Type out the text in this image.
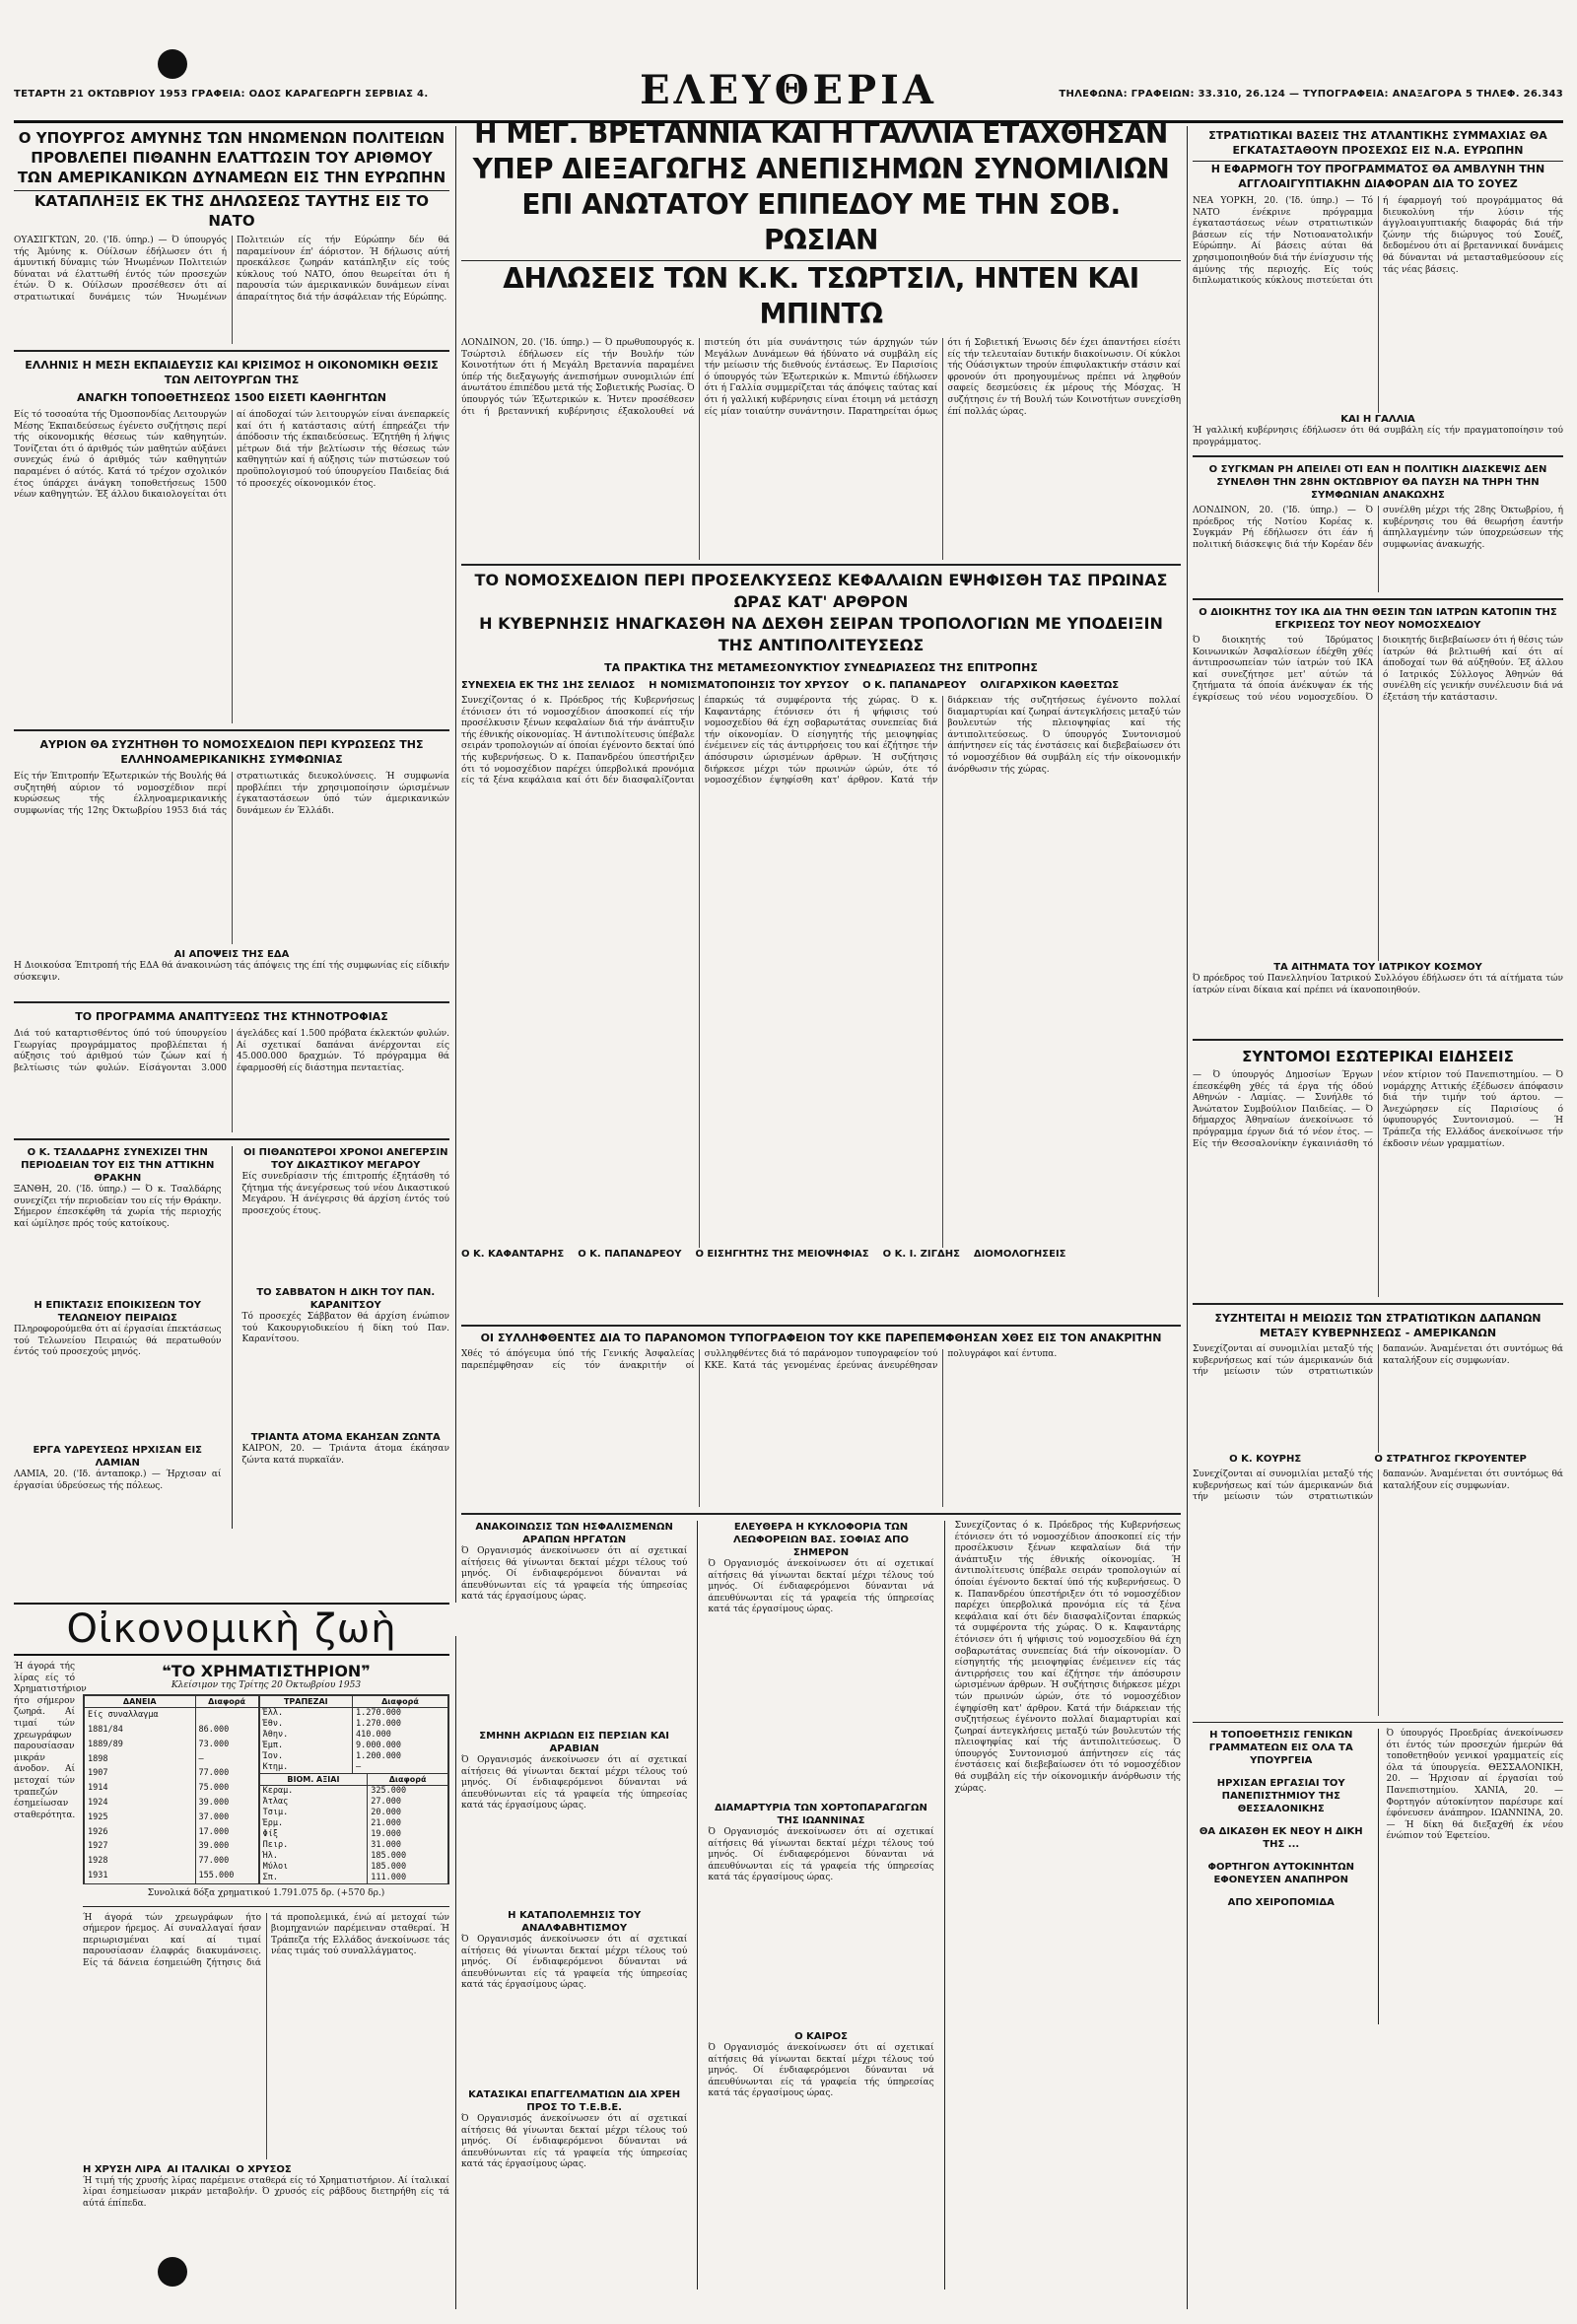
ΤΕΤΑΡΤΗ 21 ΟΚΤΩΒΡΙΟΥ 1953 ΓΡΑΦΕΙΑ: ΟΔΟΣ ΚΑΡΑΓΕΩΡΓΗ ΣΕΡΒΙΑΣ 4.	ΕΛΕΥΘΕΡΙΑ	ΤΗΛΕΦΩΝΑ: ΓΡΑΦΕΙΩΝ: 33.310, 26.124 — ΤΥΠΟΓΡΑΦΕΙΑ: ΑΝΑΞΑΓΟΡΑ 5 ΤΗΛΕΦ. 26.343
Ο ΥΠΟΥΡΓΟΣ ΑΜΥΝΗΣ ΤΩΝ ΗΝΩΜΕΝΩΝ ΠΟΛΙΤΕΙΩΝ ΠΡΟΒΛΕΠΕΙ ΠΙΘΑΝΗΝ ΕΛΑΤΤΩΣΙΝ ΤΟΥ ΑΡΙΘΜΟΥ ΤΩΝ ΑΜΕΡΙΚΑΝΙΚΩΝ ΔΥΝΑΜΕΩΝ ΕΙΣ ΤΗΝ ΕΥΡΩΠΗΝ
ΚΑΤΑΠΛΗΞΙΣ ΕΚ ΤΗΣ ΔΗΛΩΣΕΩΣ ΤΑΥΤΗΣ ΕΙΣ ΤΟ ΝΑΤΟ
ΟΥΑΣΙΓΚΤΩΝ, 20. ('Ιδ. ύπηρ.) — Ό ύπουργός τής Άμύνης κ. Ούίλσων έδήλωσεν ότι ή άμυντική δύναμις τών Ήνωμένων Πολιτειών δύναται νά έλαττωθή έντός τών προσεχών έτών. Ό κ. Ούίλσων προσέθεσεν ότι αί στρατιωτικαί δυνάμεις τών Ήνωμένων Πολιτειών είς τήν Εύρώπην δέν θά παραμείνουν έπ' άόριστον. Ή δήλωσις αύτή προεκάλεσε ζωηράν κατάπληξιν είς τούς κύκλους τού ΝΑΤΟ, όπου θεωρείται ότι ή παρουσία τών άμερικανικών δυνάμεων είναι άπαραίτητος διά τήν άσφάλειαν τής Εύρώπης.
ΕΛΛΗΝΙΣ Η ΜΕΣΗ ΕΚΠΑΙΔΕΥΣΙΣ ΚΑΙ ΚΡΙΣΙΜΟΣ Η ΟΙΚΟΝΟΜΙΚΗ ΘΕΣΙΣ ΤΩΝ ΛΕΙΤΟΥΡΓΩΝ ΤΗΣ
ΑΝΑΓΚΗ ΤΟΠΟΘΕΤΗΣΕΩΣ 1500 ΕΙΣΕΤΙ ΚΑΘΗΓΗΤΩΝ
Είς τό τοσοαύτα τής Όμοσπονδίας Λειτουργών Μέσης Έκπαιδεύσεως έγένετο συζήτησις περί τής οίκονομικής θέσεως τών καθηγητών. Τονίζεται ότι ό άριθμός τών μαθητών αύξάνει συνεχώς ένώ ό άριθμός τών καθηγητών παραμένει ό αύτός. Κατά τό τρέχον σχολικόν έτος ύπάρχει άνάγκη τοποθετήσεως 1500 νέων καθηγητών. Έξ άλλου δικαιολογείται ότι αί άποδοχαί τών λειτουργών είναι άνεπαρκείς καί ότι ή κατάστασις αύτή έπηρεάζει τήν άπόδοσιν τής έκπαιδεύσεως. Έζητήθη ή λήψις μέτρων διά τήν βελτίωσιν τής θέσεως τών καθηγητών καί ή αύξησις τών πιστώσεων τού προϋπολογισμού τού ύπουργείου Παιδείας διά τό προσεχές οίκονομικόν έτος.
ΑΥΡΙΟΝ ΘΑ ΣΥΖΗΤΗΘΗ ΤΟ ΝΟΜΟΣΧΕΔΙΟΝ ΠΕΡΙ ΚΥΡΩΣΕΩΣ ΤΗΣ ΕΛΛΗΝΟΑΜΕΡΙΚΑΝΙΚΗΣ ΣΥΜΦΩΝΙΑΣ
Είς τήν Έπιτροπήν Έξωτερικών τής Βουλής θά συζητηθή αύριον τό νομοσχέδιον περί κυρώσεως τής έλληνοαμερικανικής συμφωνίας τής 12ης Όκτωβρίου 1953 διά τάς στρατιωτικάς διευκολύνσεις. Ή συμφωνία προβλέπει τήν χρησιμοποίησιν ώρισμένων έγκαταστάσεων ύπό τών άμερικανικών δυνάμεων έν Έλλάδι.
ΑΙ ΑΠΟΨΕΙΣ ΤΗΣ ΕΔΑ
Η Διοικούσα Έπιτροπή τής ΕΔΑ θά άνακοινώση τάς άπόψεις της έπί τής συμφωνίας είς είδικήν σύσκεψιν.
ΤΟ ΠΡΟΓΡΑΜΜΑ ΑΝΑΠΤΥΞΕΩΣ ΤΗΣ ΚΤΗΝΟΤΡΟΦΙΑΣ
Διά τού καταρτισθέντος ύπό τού ύπουργείου Γεωργίας προγράμματος προβλέπεται ή αύξησις τού άριθμού τών ζώων καί ή βελτίωσις τών φυλών. Είσάγονται 3.000 άγελάδες καί 1.500 πρόβατα έκλεκτών φυλών. Αί σχετικαί δαπάναι άνέρχονται είς 45.000.000 δραχμών. Τό πρόγραμμα θά έφαρμοσθή είς διάστημα πενταετίας.
Ο Κ. ΤΣΑΛΔΑΡΗΣ ΣΥΝΕΧΙΖΕΙ ΤΗΝ ΠΕΡΙΟΔΕΙΑΝ ΤΟΥ ΕΙΣ ΤΗΝ ΑΤΤΙΚΗΝ ΘΡΑΚΗΝ
ΞΑΝΘΗ, 20. ('Ιδ. ύπηρ.) — Ό κ. Τσαλδάρης συνεχίζει τήν περιοδείαν του είς τήν Θράκην. Σήμερον έπεσκέφθη τά χωρία τής περιοχής καί ώμίλησε πρός τούς κατοίκους.
Η ΕΠΙΚΤΑΣΙΣ ΕΠΟΙΚΙΣΕΩΝ ΤΟΥ ΤΕΛΩΝΕΙΟΥ ΠΕΙΡΑΙΩΣ
Πληροφορούμεθα ότι αί έργασίαι έπεκτάσεως τού Τελωνείου Πειραιώς θά περατωθούν έντός τού προσεχούς μηνός.
ΕΡΓΑ ΥΔΡΕΥΣΕΩΣ ΗΡΧΙΣΑΝ ΕΙΣ ΛΑΜΙΑΝ
ΛΑΜΙΑ, 20. ('Ιδ. άνταποκρ.) — Ήρχισαν αί έργασίαι ύδρεύσεως τής πόλεως.
ΟΙ ΠΙΘΑΝΩΤΕΡΟΙ ΧΡΟΝΟΙ ΑΝΕΓΕΡΣΙΝ ΤΟΥ ΔΙΚΑΣΤΙΚΟΥ ΜΕΓΑΡΟΥ
Είς συνεδρίασιν τής έπιτροπής έξητάσθη τό ζήτημα τής άνεγέρσεως τού νέου Δικαστικού Μεγάρου. Ή άνέγερσις θά άρχίση έντός τού προσεχούς έτους.
ΤΟ ΣΑΒΒΑΤΟΝ Η ΔΙΚΗ ΤΟΥ ΠΑΝ. ΚΑΡΑΝΙΤΣΟΥ
Τό προσεχές Σάββατον θά άρχίση ένώπιον τού Κακουργιοδικείου ή δίκη τού Παν. Καρανίτσου.
ΤΡΙΑΝΤΑ ΑΤΟΜΑ ΕΚΑΗΣΑΝ ΖΩΝΤΑ
ΚΑΙΡΟΝ, 20. — Τριάντα άτομα έκάησαν ζώντα κατά πυρκαϊάν.
Οἰκονομικὴ ζωὴ
Ή άγορά τής λίρας είς τό Χρηματιστήριον ήτο σήμερον ζωηρά. Αί τιμαί τών χρεωγράφων παρουσίασαν μικράν άνοδον. Αί μετοχαί τών τραπεζών έσημείωσαν σταθερότητα.
❝ΤΟ ΧΡΗΜΑΤΙΣΤΗΡΙΟΝ❞
Κλείσιμον της Τρίτης 20 Όκτωβρίου 1953
ΔΑΝΕΙΑ	Διαφορά
Είς συναλλαγμα	
1881/84	86.000
1889/89	73.000
1898	—
1907	77.000
1914	75.000
1924	39.000
1925	37.000
1926	17.000
1927	39.000
1928	77.000
1931	155.000
ΤΡΑΠΕΖΑΙ	Διαφορά
Έλλ.	1.270.000
Έθν.	1.270.000
Άθην.	410.000
Έμπ.	9.000.000
Ίον.	1.200.000
Κτημ.	—
ΒΙΟΜ. ΑΞΙΑΙ	Διαφορά
Κεραμ.	325.000
Άτλας	27.000
Τσιμ.	20.000
Έρμ.	21.000
Φίξ	19.000
Πειρ.	31.000
Ήλ.	185.000
Μύλοι	185.000
Σπ.	111.000
Συνολικά δόξα χρηματικού 1.791.075 δρ. (+570 δρ.)
Ή άγορά τών χρεωγράφων ήτο σήμερον ήρεμος. Αί συναλλαγαί ήσαν περιωρισμέναι καί αί τιμαί παρουσίασαν έλαφράς διακυμάνσεις. Είς τά δάνεια έσημειώθη ζήτησις διά τά προπολεμικά, ένώ αί μετοχαί τών βιομηχανιών παρέμειναν σταθεραί. Ή Τράπεζα τής Ελλάδος άνεκοίνωσε τάς νέας τιμάς τού συναλλάγματος.
Η ΧΡΥΣΗ ΛΙΡΑ ΑΙ ΙΤΑΛΙΚΑΙ Ο ΧΡΥΣΟΣ
Ή τιμή τής χρυσής λίρας παρέμεινε σταθερά είς τό Χρηματιστήριον. Αί ίταλικαί λίραι έσημείωσαν μικράν μεταβολήν. Ό χρυσός είς ράβδους διετηρήθη είς τά αύτά έπίπεδα.
Η ΜΕΓ. ΒΡΕΤΑΝΝΙΑ ΚΑΙ Η ΓΑΛΛΙΑ ΕΤΑΧΘΗΣΑΝ ΥΠΕΡ ΔΙΕΞΑΓΩΓΗΣ ΑΝΕΠΙΣΗΜΩΝ ΣΥΝΟΜΙΛΙΩΝ ΕΠΙ ΑΝΩΤΑΤΟΥ ΕΠΙΠΕΔΟΥ ΜΕ ΤΗΝ ΣΟΒ. ΡΩΣΙΑΝ
ΔΗΛΩΣΕΙΣ ΤΩΝ Κ.Κ. ΤΣΩΡΤΣΙΛ, ΗΝΤΕΝ ΚΑΙ ΜΠΙΝΤΩ
ΛΟΝΔΙΝΟΝ, 20. ('Ιδ. ύπηρ.) — Ό πρωθυπουργός κ. Τσώρτσιλ έδήλωσεν είς τήν Βουλήν τών Κοινοτήτων ότι ή Μεγάλη Βρεταννία παραμένει ύπέρ τής διεξαγωγής άνεπισήμων συνομιλιών έπί άνωτάτου έπιπέδου μετά τής Σοβιετικής Ρωσίας. Ό ύπουργός τών Έξωτερικών κ. Ήντεν προσέθεσεν ότι ή βρεταννική κυβέρνησις έξακολουθεί νά πιστεύη ότι μία συνάντησις τών άρχηγών τών Μεγάλων Δυνάμεων θά ήδύνατο νά συμβάλη είς τήν μείωσιν τής διεθνούς έντάσεως. Έν Παρισίοις ό ύπουργός τών Έξωτερικών κ. Μπιντώ έδήλωσεν ότι ή Γαλλία συμμερίζεται τάς άπόψεις ταύτας καί ότι ή γαλλική κυβέρνησις είναι έτοιμη νά μετάσχη είς μίαν τοιαύτην συνάντησιν. Παρατηρείται όμως ότι ή Σοβιετική Ένωσις δέν έχει άπαντήσει είσέτι είς τήν τελευταίαν δυτικήν διακοίνωσιν. Οί κύκλοι τής Ούάσιγκτων τηρούν έπιφυλακτικήν στάσιν καί φρονούν ότι προηγουμένως πρέπει νά ληφθούν σαφείς δεσμεύσεις έκ μέρους τής Μόσχας. Ή συζήτησις έν τή Βουλή τών Κοινοτήτων συνεχίσθη έπί πολλάς ώρας.
ΤΟ ΝΟΜΟΣΧΕΔΙΟΝ ΠΕΡΙ ΠΡΟΣΕΛΚΥΣΕΩΣ ΚΕΦΑΛΑΙΩΝ ΕΨΗΦΙΣΘΗ ΤΑΣ ΠΡΩΙΝΑΣ ΩΡΑΣ ΚΑΤ' ΑΡΘΡΟΝ
Η ΚΥΒΕΡΝΗΣΙΣ ΗΝΑΓΚΑΣΘΗ ΝΑ ΔΕΧΘΗ ΣΕΙΡΑΝ ΤΡΟΠΟΛΟΓΙΩΝ ΜΕ ΥΠΟΔΕΙΞΙΝ ΤΗΣ ΑΝΤΙΠΟΛΙΤΕΥΣΕΩΣ
ΤΑ ΠΡΑΚΤΙΚΑ ΤΗΣ ΜΕΤΑΜΕΣΟΝΥΚΤΙΟΥ ΣΥΝΕΔΡΙΑΣΕΩΣ ΤΗΣ ΕΠΙΤΡΟΠΗΣ
ΣΥΝΕΧΕΙΑ ΕΚ ΤΗΣ 1ΗΣ ΣΕΛΙΔΟΣ Η ΝΟΜΙΣΜΑΤΟΠΟΙΗΣΙΣ ΤΟΥ ΧΡΥΣΟΥ Ο Κ. ΠΑΠΑΝΔΡΕΟΥ ΟΛΙΓΑΡΧΙΚΟΝ ΚΑΘΕΣΤΩΣ
Συνεχίζοντας ό κ. Πρόεδρος τής Κυβερνήσεως έτόνισεν ότι τό νομοσχέδιον άποσκοπεί είς τήν προσέλκυσιν ξένων κεφαλαίων διά τήν άνάπτυξιν τής έθνικής οίκονομίας. Ή άντιπολίτευσις ύπέβαλε σειράν τροπολογιών αί όποίαι έγένοντο δεκταί ύπό τής κυβερνήσεως. Ό κ. Παπανδρέου ύπεστήριξεν ότι τό νομοσχέδιον παρέχει ύπερβολικά προνόμια είς τά ξένα κεφάλαια καί ότι δέν διασφαλίζονται έπαρκώς τά συμφέροντα τής χώρας. Ό κ. Καφαντάρης έτόνισεν ότι ή ψήφισις τού νομοσχεδίου θά έχη σοβαρωτάτας συνεπείας διά τήν οίκονομίαν. Ό είσηγητής τής μειοψηφίας ένέμεινεν είς τάς άντιρρήσεις του καί έζήτησε τήν άπόσυρσιν ώρισμένων άρθρων. Ή συζήτησις διήρκεσε μέχρι τών πρωινών ώρών, ότε τό νομοσχέδιον έψηφίσθη κατ' άρθρον. Κατά τήν διάρκειαν τής συζητήσεως έγένοντο πολλαί διαμαρτυρίαι καί ζωηραί άντεγκλήσεις μεταξύ τών βουλευτών τής πλειοψηφίας καί τής άντιπολιτεύσεως. Ό ύπουργός Συντονισμού άπήντησεν είς τάς ένστάσεις καί διεβεβαίωσεν ότι τό νομοσχέδιον θά συμβάλη είς τήν οίκονομικήν άνόρθωσιν τής χώρας.
Ο Κ. ΚΑΦΑΝΤΑΡΗΣ Ο Κ. ΠΑΠΑΝΔΡΕΟΥ Ο ΕΙΣΗΓΗΤΗΣ ΤΗΣ ΜΕΙΟΨΗΦΙΑΣ Ο Κ. Ι. ΖΙΓΔΗΣ ΔΙΟΜΟΛΟΓΗΣΕΙΣ
ΟΙ ΣΥΛΛΗΦΘΕΝΤΕΣ ΔΙΑ ΤΟ ΠΑΡΑΝΟΜΟΝ ΤΥΠΟΓΡΑΦΕΙΟΝ ΤΟΥ ΚΚΕ ΠΑΡΕΠΕΜΦΘΗΣΑΝ ΧΘΕΣ ΕΙΣ ΤΟΝ ΑΝΑΚΡΙΤΗΝ
Χθές τό άπόγευμα ύπό τής Γενικής Άσφαλείας παρεπέμφθησαν είς τόν άνακριτήν οί συλληφθέντες διά τό παράνομον τυπογραφείον τού ΚΚΕ. Κατά τάς γενομένας έρεύνας άνευρέθησαν πολυγράφοι καί έντυπα.
ΑΝΑΚΟΙΝΩΣΙΣ ΤΩΝ ΗΣΦΑΛΙΣΜΕΝΩΝ ΑΡΑΠΩΝ ΗΡΓΑΤΩΝ
Ό Οργανισμός άνεκοίνωσεν ότι αί σχετικαί αίτήσεις θά γίνωνται δεκταί μέχρι τέλους τού μηνός. Οί ένδιαφερόμενοι δύνανται νά άπευθύνωνται είς τά γραφεία τής ύπηρεσίας κατά τάς έργασίμους ώρας.
ΣΜΗΝΗ ΑΚΡΙΔΩΝ ΕΙΣ ΠΕΡΣΙΑΝ ΚΑΙ ΑΡΑΒΙΑΝ
Ό Οργανισμός άνεκοίνωσεν ότι αί σχετικαί αίτήσεις θά γίνωνται δεκταί μέχρι τέλους τού μηνός. Οί ένδιαφερόμενοι δύνανται νά άπευθύνωνται είς τά γραφεία τής ύπηρεσίας κατά τάς έργασίμους ώρας.
Η ΚΑΤΑΠΟΛΕΜΗΣΙΣ ΤΟΥ ΑΝΑΛΦΑΒΗΤΙΣΜΟΥ
Ό Οργανισμός άνεκοίνωσεν ότι αί σχετικαί αίτήσεις θά γίνωνται δεκταί μέχρι τέλους τού μηνός. Οί ένδιαφερόμενοι δύνανται νά άπευθύνωνται είς τά γραφεία τής ύπηρεσίας κατά τάς έργασίμους ώρας.
ΚΑΤΑΣΙΚΑΙ ΕΠΑΓΓΕΛΜΑΤΙΩΝ ΔΙΑ ΧΡΕΗ ΠΡΟΣ ΤΟ Τ.Ε.Β.Ε.
Ό Οργανισμός άνεκοίνωσεν ότι αί σχετικαί αίτήσεις θά γίνωνται δεκταί μέχρι τέλους τού μηνός. Οί ένδιαφερόμενοι δύνανται νά άπευθύνωνται είς τά γραφεία τής ύπηρεσίας κατά τάς έργασίμους ώρας.
ΕΛΕΥΘΕΡΑ Η ΚΥΚΛΟΦΟΡΙΑ ΤΩΝ ΛΕΩΦΟΡΕΙΩΝ ΒΑΣ. ΣΟΦΙΑΣ ΑΠΟ ΣΗΜΕΡΟΝ
Ό Οργανισμός άνεκοίνωσεν ότι αί σχετικαί αίτήσεις θά γίνωνται δεκταί μέχρι τέλους τού μηνός. Οί ένδιαφερόμενοι δύνανται νά άπευθύνωνται είς τά γραφεία τής ύπηρεσίας κατά τάς έργασίμους ώρας.
ΔΙΑΜΑΡΤΥΡΙΑ ΤΩΝ ΧΟΡΤΟΠΑΡΑΓΩΓΩΝ ΤΗΣ ΙΩΑΝΝΙΝΑΣ
Ό Οργανισμός άνεκοίνωσεν ότι αί σχετικαί αίτήσεις θά γίνωνται δεκταί μέχρι τέλους τού μηνός. Οί ένδιαφερόμενοι δύνανται νά άπευθύνωνται είς τά γραφεία τής ύπηρεσίας κατά τάς έργασίμους ώρας.
Ο ΚΑΙΡΟΣ
Ό Οργανισμός άνεκοίνωσεν ότι αί σχετικαί αίτήσεις θά γίνωνται δεκταί μέχρι τέλους τού μηνός. Οί ένδιαφερόμενοι δύνανται νά άπευθύνωνται είς τά γραφεία τής ύπηρεσίας κατά τάς έργασίμους ώρας.
Συνεχίζοντας ό κ. Πρόεδρος τής Κυβερνήσεως έτόνισεν ότι τό νομοσχέδιον άποσκοπεί είς τήν προσέλκυσιν ξένων κεφαλαίων διά τήν άνάπτυξιν τής έθνικής οίκονομίας. Ή άντιπολίτευσις ύπέβαλε σειράν τροπολογιών αί όποίαι έγένοντο δεκταί ύπό τής κυβερνήσεως. Ό κ. Παπανδρέου ύπεστήριξεν ότι τό νομοσχέδιον παρέχει ύπερβολικά προνόμια είς τά ξένα κεφάλαια καί ότι δέν διασφαλίζονται έπαρκώς τά συμφέροντα τής χώρας. Ό κ. Καφαντάρης έτόνισεν ότι ή ψήφισις τού νομοσχεδίου θά έχη σοβαρωτάτας συνεπείας διά τήν οίκονομίαν. Ό είσηγητής τής μειοψηφίας ένέμεινεν είς τάς άντιρρήσεις του καί έζήτησε τήν άπόσυρσιν ώρισμένων άρθρων. Ή συζήτησις διήρκεσε μέχρι τών πρωινών ώρών, ότε τό νομοσχέδιον έψηφίσθη κατ' άρθρον. Κατά τήν διάρκειαν τής συζητήσεως έγένοντο πολλαί διαμαρτυρίαι καί ζωηραί άντεγκλήσεις μεταξύ τών βουλευτών τής πλειοψηφίας καί τής άντιπολιτεύσεως. Ό ύπουργός Συντονισμού άπήντησεν είς τάς ένστάσεις καί διεβεβαίωσεν ότι τό νομοσχέδιον θά συμβάλη είς τήν οίκονομικήν άνόρθωσιν τής χώρας.
ΣΤΡΑΤΙΩΤΙΚΑΙ ΒΑΣΕΙΣ ΤΗΣ ΑΤΛΑΝΤΙΚΗΣ ΣΥΜΜΑΧΙΑΣ ΘΑ ΕΓΚΑΤΑΣΤΑΘΟΥΝ ΠΡΟΣΕΧΩΣ ΕΙΣ Ν.Α. ΕΥΡΩΠΗΝ
Η ΕΦΑΡΜΟΓΗ ΤΟΥ ΠΡΟΓΡΑΜΜΑΤΟΣ ΘΑ ΑΜΒΛΥΝΗ ΤΗΝ ΑΓΓΛΟΑΙΓΥΠΤΙΑΚΗΝ ΔΙΑΦΟΡΑΝ ΔΙΑ ΤΟ ΣΟΥΕΖ
ΝΕΑ ΥΟΡΚΗ, 20. ('Ιδ. ύπηρ.) — Τό ΝΑΤΟ ένέκρινε πρόγραμμα έγκαταστάσεως νέων στρατιωτικών βάσεων είς τήν Νοτιοανατολικήν Εύρώπην. Αί βάσεις αύται θά χρησιμοποιηθούν διά τήν ένίσχυσιν τής άμύνης τής περιοχής. Είς τούς διπλωματικούς κύκλους πιστεύεται ότι ή έφαρμογή τού προγράμματος θά διευκολύνη τήν λύσιν τής άγγλοαιγυπτιακής διαφοράς διά τήν ζώνην τής διώρυγος τού Σουέζ, δεδομένου ότι αί βρεταννικαί δυνάμεις θά δύνανται νά μετασταθμεύσουν είς τάς νέας βάσεις.
ΚΑΙ Η ΓΑΛΛΙΑ
Ή γαλλική κυβέρνησις έδήλωσεν ότι θά συμβάλη είς τήν πραγματοποίησιν τού προγράμματος.
Ο ΣΥΓΚΜΑΝ ΡΗ ΑΠΕΙΛΕΙ ΟΤΙ ΕΑΝ Η ΠΟΛΙΤΙΚΗ ΔΙΑΣΚΕΨΙΣ ΔΕΝ ΣΥΝΕΛΘΗ ΤΗΝ 28ΗΝ ΟΚΤΩΒΡΙΟΥ ΘΑ ΠΑΥΣΗ ΝΑ ΤΗΡΗ ΤΗΝ ΣΥΜΦΩΝΙΑΝ ΑΝΑΚΩΧΗΣ
ΛΟΝΔΙΝΟΝ, 20. ('Ιδ. ύπηρ.) — Ό πρόεδρος τής Νοτίου Κορέας κ. Συγκμάν Ρή έδήλωσεν ότι έάν ή πολιτική διάσκεψις διά τήν Κορέαν δέν συνέλθη μέχρι τής 28ης Όκτωβρίου, ή κυβέρνησις του θά θεωρήση έαυτήν άπηλλαγμένην τών ύποχρεώσεων τής συμφωνίας άνακωχής.
Ο ΔΙΟΙΚΗΤΗΣ ΤΟΥ ΙΚΑ ΔΙΑ ΤΗΝ ΘΕΣΙΝ ΤΩΝ ΙΑΤΡΩΝ ΚΑΤΟΠΙΝ ΤΗΣ ΕΓΚΡΙΣΕΩΣ ΤΟΥ ΝΕΟΥ ΝΟΜΟΣΧΕΔΙΟΥ
Ό διοικητής τού Ίδρύματος Κοινωνικών Άσφαλίσεων έδέχθη χθές άντιπροσωπείαν τών ίατρών τού ΙΚΑ καί συνεζήτησε μετ' αύτών τά ζητήματα τά όποία άνέκυψαν έκ τής έγκρίσεως τού νέου νομοσχεδίου. Ό διοικητής διεβεβαίωσεν ότι ή θέσις τών ίατρών θά βελτιωθή καί ότι αί άποδοχαί των θά αύξηθούν. Έξ άλλου ό Ιατρικός Σύλλογος Άθηνών θά συνέλθη είς γενικήν συνέλευσιν διά νά έξετάση τήν κατάστασιν.
ΤΑ ΑΙΤΗΜΑΤΑ ΤΟΥ ΙΑΤΡΙΚΟΥ ΚΟΣΜΟΥ
Ό πρόεδρος τού Πανελληνίου Ίατρικού Συλλόγου έδήλωσεν ότι τά αίτήματα τών ίατρών είναι δίκαια καί πρέπει νά ίκανοποιηθούν.
ΣΥΝΤΟΜΟΙ ΕΣΩΤΕΡΙΚΑΙ ΕΙΔΗΣΕΙΣ
— Ό ύπουργός Δημοσίων Έργων έπεσκέφθη χθές τά έργα τής όδού Αθηνών - Λαμίας. — Συνήλθε τό Άνώτατον Συμβούλιον Παιδείας. — Ό δήμαρχος Άθηναίων άνεκοίνωσε τό πρόγραμμα έργων διά τό νέον έτος. — Είς τήν Θεσσαλονίκην έγκαινιάσθη τό νέον κτίριον τού Πανεπιστημίου. — Ό νομάρχης Αττικής έξέδωσεν άπόφασιν διά τήν τιμήν τού άρτου. — Άνεχώρησεν είς Παρισίους ό ύφυπουργός Συντονισμού. — Ή Τράπεζα τής Ελλάδος άνεκοίνωσε τήν έκδοσιν νέων γραμματίων.
ΣΥΖΗΤΕΙΤΑΙ Η ΜΕΙΩΣΙΣ ΤΩΝ ΣΤΡΑΤΙΩΤΙΚΩΝ ΔΑΠΑΝΩΝ ΜΕΤΑΞΥ ΚΥΒΕΡΝΗΣΕΩΣ - ΑΜΕΡΙΚΑΝΩΝ
Συνεχίζονται αί συνομιλίαι μεταξύ τής κυβερνήσεως καί τών άμερικανών διά τήν μείωσιν τών στρατιωτικών δαπανών. Άναμένεται ότι συντόμως θά καταλήξουν είς συμφωνίαν.
Ο Κ. ΚΟΥΡΗΣ	Ο ΣΤΡΑΤΗΓΟΣ ΓΚΡΟΥΕΝΤΕΡ
Συνεχίζονται αί συνομιλίαι μεταξύ τής κυβερνήσεως καί τών άμερικανών διά τήν μείωσιν τών στρατιωτικών δαπανών. Άναμένεται ότι συντόμως θά καταλήξουν είς συμφωνίαν.
Η ΤΟΠΟΘΕΤΗΣΙΣ ΓΕΝΙΚΩΝ ΓΡΑΜΜΑΤΕΩΝ ΕΙΣ ΟΛΑ ΤΑ ΥΠΟΥΡΓΕΙΑ
ΗΡΧΙΣΑΝ ΕΡΓΑΣΙΑΙ ΤΟΥ ΠΑΝΕΠΙΣΤΗΜΙΟΥ ΤΗΣ ΘΕΣΣΑΛΟΝΙΚΗΣ
ΘΑ ΔΙΚΑΣΘΗ ΕΚ ΝΕΟΥ Η ΔΙΚΗ ΤΗΣ ...
ΦΟΡΤΗΓΟΝ ΑΥΤΟΚΙΝΗΤΩΝ ΕΦΟΝΕΥΣΕΝ ΑΝΑΠΗΡΟΝ
ΑΠΟ ΧΕΙΡΟΠΟΜΙΔΑ
Ό ύπουργός Προεδρίας άνεκοίνωσεν ότι έντός τών προσεχών ήμερών θά τοποθετηθούν γενικοί γραμματείς είς όλα τά ύπουργεία. ΘΕΣΣΑΛΟΝΙΚΗ, 20. — Ήρχισαν αί έργασίαι τού Πανεπιστημίου. ΧΑΝΙΑ, 20. — Φορτηγόν αύτοκίνητον παρέσυρε καί έφόνευσεν άνάπηρον. ΙΩΑΝΝΙΝΑ, 20. — Ή δίκη θά διεξαχθή έκ νέου ένώπιον τού Έφετείου.
